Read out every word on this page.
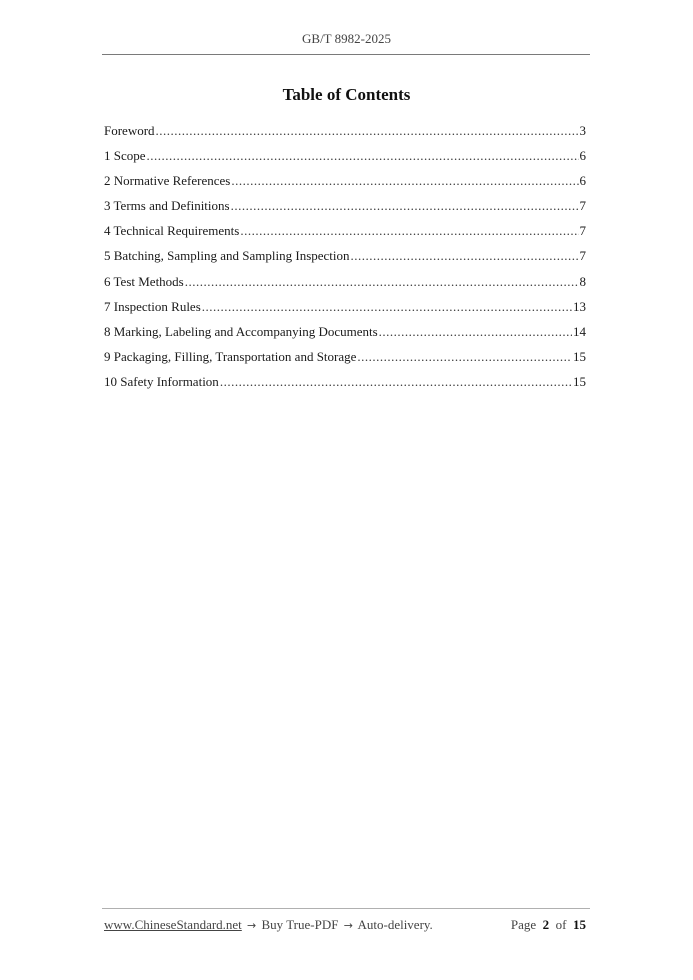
GB/T 8982-2025
Table of Contents
Foreword .....	3
1 Scope .....	6
2 Normative References .....	6
3 Terms and Definitions .....	7
4 Technical Requirements .....	7
5 Batching, Sampling and Sampling Inspection .....	7
6 Test Methods .....	8
7 Inspection Rules .....	13
8 Marking, Labeling and Accompanying Documents .....	14
9 Packaging, Filling, Transportation and Storage .....	15
10 Safety Information .....	15
www.ChineseStandard.net → Buy True-PDF → Auto-delivery.	Page 2 of 15
